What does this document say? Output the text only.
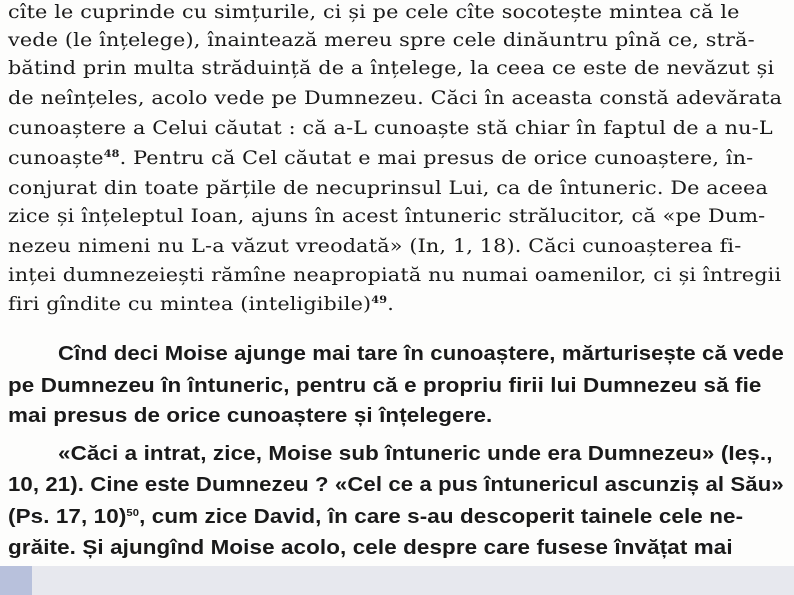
cîte le cuprinde cu simțurile, ci și pe cele cîte socotește mintea că le

vede (le înțelege), înaintează mereu spre cele dinăuntru pînă ce, stră-

bătind prin multa străduință de a înțelege, la ceea ce este de nevăzut și

de neînțeles, acolo vede pe Dumnezeu. Căci în aceasta constă adevărata

cunoaștere a Celui căutat : că a-L cunoaște stă chiar în faptul de a nu-L

cunoaște$^{48}$. Pentru că Cel căutat e mai presus de orice cunoaștere, în-

conjurat din toate părțile de necuprinsul Lui, ca de întuneric. De aceea

zice și înțeleptul Ioan, ajuns în acest întuneric strălucitor, că «pe Dum-

nezeu nimeni nu L-a văzut vreodată» (In, 1, 18). Căci cunoașterea fi-

inței dumnezeiești rămîne neapropiată nu numai oamenilor, ci și întregii

firi gîndite cu mintea (inteligibile)$^{49}$.

Cînd deci Moise ajunge mai tare în cunoaștere, mărturisește că vede

pe Dumnezeu în întuneric, pentru că e propriu firii lui Dumnezeu să fie

mai presus de orice cunoaștere și înțelegere.

«Căci a intrat, zice, Moise sub întuneric unde era Dumnezeu» (Ieș.,

10, 21). Cine este Dumnezeu ? «Cel ce a pus întunericul ascunziș al Său»

(Ps. 17, 10)$^{50}$, cum zice David, în care s-au descoperit tainele cele ne-

grăite. Și ajungînd Moise acolo, cele despre care fusese învățat mai
